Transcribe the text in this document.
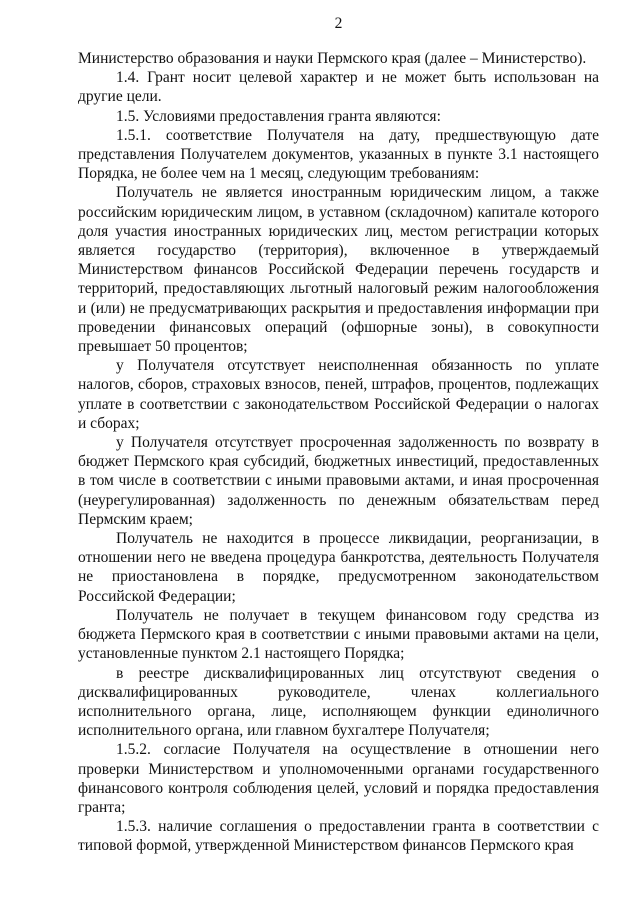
2

Министерство образования и науки Пермского края (далее – Министерство).

1.4. Грант носит целевой характер и не может быть использован на другие цели.

1.5. Условиями предоставления гранта являются:

1.5.1. соответствие Получателя на дату, предшествующую дате представления Получателем документов, указанных в пункте 3.1 настоящего Порядка, не более чем на 1 месяц, следующим требованиям:

Получатель не является иностранным юридическим лицом, а также российским юридическим лицом, в уставном (складочном) капитале которого доля участия иностранных юридических лиц, местом регистрации которых является государство (территория), включенное в утверждаемый Министерством финансов Российской Федерации перечень государств и территорий, предоставляющих льготный налоговый режим налогообложения и (или) не предусматривающих раскрытия и предоставления информации при проведении финансовых операций (офшорные зоны), в совокупности превышает 50 процентов;

у Получателя отсутствует неисполненная обязанность по уплате налогов, сборов, страховых взносов, пеней, штрафов, процентов, подлежащих уплате в соответствии с законодательством Российской Федерации о налогах и сборах;

у Получателя отсутствует просроченная задолженность по возврату в бюджет Пермского края субсидий, бюджетных инвестиций, предоставленных в том числе в соответствии с иными правовыми актами, и иная просроченная (неурегулированная) задолженность по денежным обязательствам перед Пермским краем;

Получатель не находится в процессе ликвидации, реорганизации, в отношении него не введена процедура банкротства, деятельность Получателя не приостановлена в порядке, предусмотренном законодательством Российской Федерации;

Получатель не получает в текущем финансовом году средства из бюджета Пермского края в соответствии с иными правовыми актами на цели, установленные пунктом 2.1 настоящего Порядка;

в реестре дисквалифицированных лиц отсутствуют сведения о дисквалифицированных руководителе, членах коллегиального исполнительного органа, лице, исполняющем функции единоличного исполнительного органа, или главном бухгалтере Получателя;

1.5.2. согласие Получателя на осуществление в отношении него проверки Министерством и уполномоченными органами государственного финансового контроля соблюдения целей, условий и порядка предоставления гранта;

1.5.3. наличие соглашения о предоставлении гранта в соответствии с типовой формой, утвержденной Министерством финансов Пермского края
